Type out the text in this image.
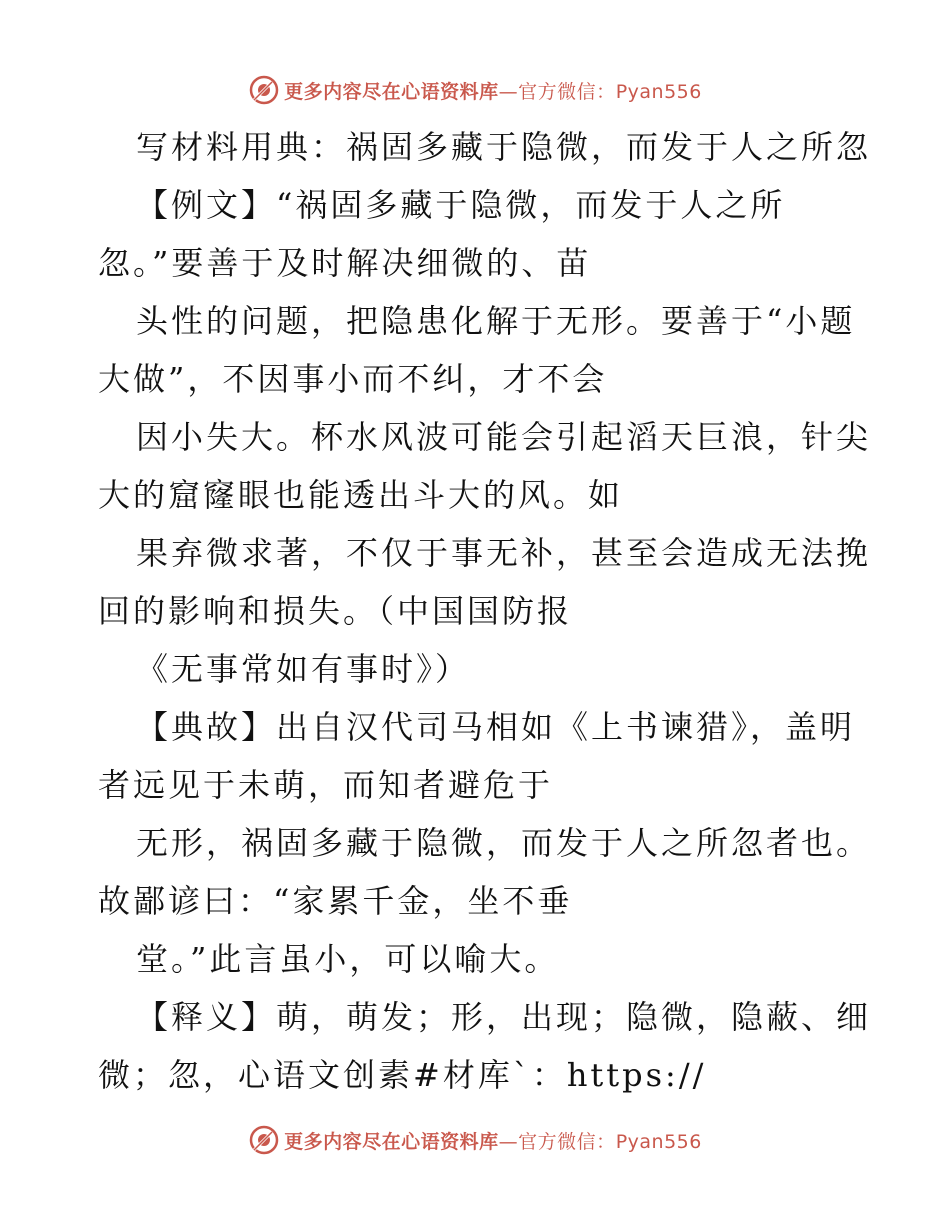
更多内容尽在心语资料库—官方微信：Pyan556
写材料用典：祸固多藏于隐微，而发于人之所忽
【例文】“祸固多藏于隐微，而发于人之所
忽。”要善于及时解决细微的、苗
头性的问题，把隐患化解于无形。要善于“小题
大做”，不因事小而不纠，才不会
因小失大。杯水风波可能会引起滔天巨浪，针尖
大的窟窿眼也能透出斗大的风。如
果弃微求著，不仅于事无补，甚至会造成无法挽
回的影响和损失。（中国国防报
《无事常如有事时》）
【典故】出自汉代司马相如《上书谏猎》，盖明
者远见于未萌，而知者避危于
无形，祸固多藏于隐微，而发于人之所忽者也。
故鄙谚曰：“家累千金，坐不垂
堂。”此言虽小，可以喻大。
【释义】萌，萌发；形，出现；隐微，隐蔽、细
微；忽，心语文创素#材库`：https://
更多内容尽在心语资料库—官方微信：Pyan556
